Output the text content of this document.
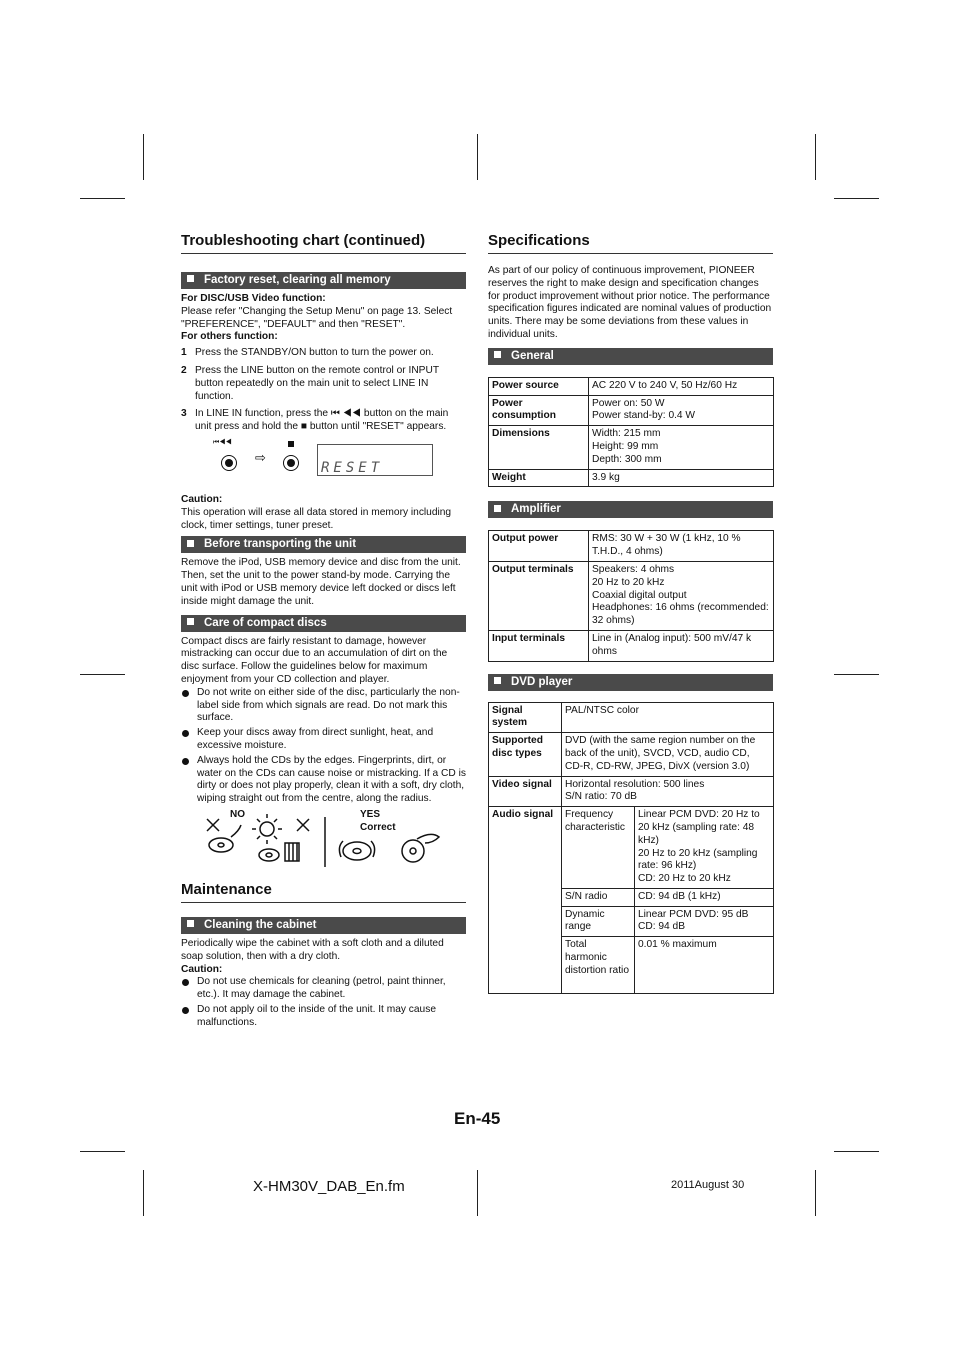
Troubleshooting chart (continued)
Factory reset, clearing all memory

For DISC/USB Video function:

Please refer "Changing the Setup Menu" on page 13. Select "PREFERENCE", "DEFAULT" and then "RESET".

For others function:

1 Press the STANDBY/ON button to turn the power on.
2 Press the LINE button on the remote control or INPUT button repeatedly on the main unit to select LINE IN function.
3 In LINE IN function, press the ⏮ ◀◀ button on the main unit press and hold the ■ button until "RESET" appears.
⏮◀◀
⇨
RESET

Caution:

This operation will erase all data stored in memory including clock, timer settings, tuner preset.

Before transporting the unit

Remove the iPod, USB memory device and disc from the unit. Then, set the unit to the power stand-by mode. Carrying the unit with iPod or USB memory device left docked or discs left inside might damage the unit.

Care of compact discs

Compact discs are fairly resistant to damage, however mistracking can occur due to an accumulation of dirt on the disc surface. Follow the guidelines below for maximum enjoyment from your CD collection and player.

Do not write on either side of the disc, particularly the non-label side from which signals are read. Do not mark this surface.
Keep your discs away from direct sunlight, heat, and excessive moisture.
Always hold the CDs by the edges. Fingerprints, dirt, or water on the CDs can cause noise or mistracking. If a CD is dirty or does not play properly, clean it with a soft, dry cloth, wiping straight out from the centre, along the radius.
NO	YES
Correct
Maintenance
Cleaning the cabinet

Periodically wipe the cabinet with a soft cloth and a diluted soap solution, then with a dry cloth.

Caution:

Do not use chemicals for cleaning (petrol, paint thinner, etc.). It may damage the cabinet.
Do not apply oil to the inside of the unit. It may cause malfunctions.
Specifications

As part of our policy of continuous improvement, PIONEER reserves the right to make design and specification changes for product improvement without prior notice. The performance specification figures indicated are nominal values of production units. There may be some deviations from these values in individual units.

General
Power source	AC 220 V to 240 V, 50 Hz/60 Hz
Power consumption	Power on: 50 W
Power stand-by: 0.4 W
Dimensions	Width: 215 mm
Height: 99 mm
Depth: 300 mm
Weight	3.9 kg
Amplifier
Output power	RMS: 30 W + 30 W (1 kHz, 10 % T.H.D., 4 ohms)
Output terminals	Speakers: 4 ohms
20 Hz to 20 kHz
Coaxial digital output
Headphones: 16 ohms (recommended: 32 ohms)
Input terminals	Line in (Analog input): 500 mV/47 k ohms
DVD player
Signal system	PAL/NTSC color	
Supported disc types	DVD (with the same region number on the back of the unit), SVCD, VCD, audio CD, CD-R, CD-RW, JPEG, DivX (version 3.0)	
Video signal	Horizontal resolution: 500 lines
S/N ratio: 70 dB	
Audio signal	Frequency characteristic	Linear PCM DVD: 20 Hz to 20 kHz (sampling rate: 48 kHz)
20 Hz to 20 kHz (sampling rate: 96 kHz)
CD: 20 Hz to 20 kHz
	S/N radio	CD: 94 dB (1 kHz)
	Dynamic range	Linear PCM DVD: 95 dB
CD: 94 dB
	Total harmonic distortion ratio	0.01 % maximum
En-45
X-HM30V_DAB_En.fm	2011August 30
